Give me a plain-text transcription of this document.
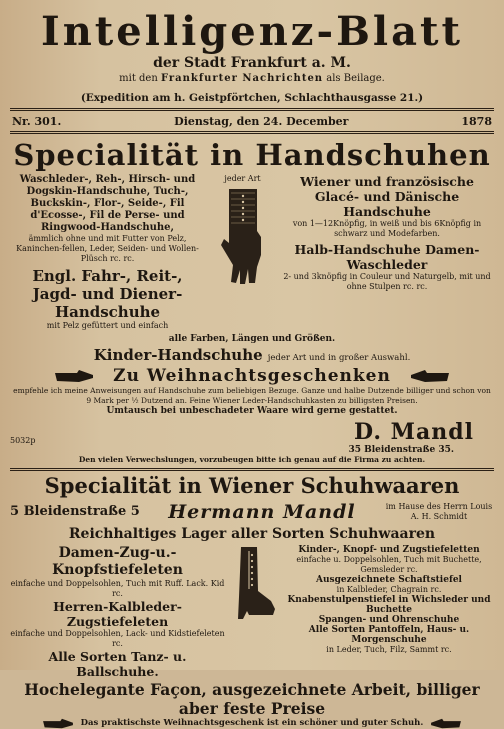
Intelligenz-Blatt
der Stadt Frankfurt a. M.
mit den Frankfurter Nachrichten als Beilage.
(Expedition am h. Geistpförtchen, Schlachthausgasse 21.)
Nr. 301.	Dienstag, den 24. December	1878
Specialität in Handschuhen
Waschleder-, Reh-, Hirsch- und Dogskin-Handschuhe, Tuch-, Buckskin-, Flor-, Seide-, Fil d'Ecosse-, Fil de Perse- und Ringwood-Handschuhe,
ämmlich ohne und mit Futter von Pelz, Kaninchen-fellen, Leder, Seiden- und Wollen-Plüsch rc. rc.
Engl. Fahr-, Reit-, Jagd- und Diener-Handschuhe
mit Pelz gefüttert und einfach
jeder Art	Wiener und französische Glacé- und Dänische Handschuhe
von 1—12Knöpfig, in weiß und bis 6Knöpfig in schwarz und Modefarben.
Halb-Handschuhe Damen-Waschleder
2- und 3knöpfig in Couleur und Naturgelb, mit und ohne Stulpen rc. rc.
alle Farben, Längen und Größen.
Kinder-Handschuhe jeder Art und in großer Auswahl.
Zu Weihnachtsgeschenken
empfehle ich meine Anweisungen auf Handschuhe zum beliebigen Bezuge. Ganze und halbe Dutzende billiger und schon von 9 Mark per ½ Dutzend an. Feine Wiener Leder-Handschuhkasten zu billigsten Preisen.
Umtausch bei unbeschadeter Waare wird gerne gestattet.
5032p	D. Mandl
35 Bleidenstraße 35.
Den vielen Verwechslungen, vorzubeugen bitte ich genau auf die Firma zu achten.
Specialität in Wiener Schuhwaaren
5 Bleidenstraße 5 Hermann Mandl	im Hause des Herrn Louis A. H. Schmidt
Reichhaltiges Lager aller Sorten Schuhwaaren
Damen-Zug-u.-Knopfstiefeleten
einfache und Doppelsohlen, Tuch mit Ruff. Lack. Kid rc.
Herren-Kalbleder-Zugstiefeleten
einfache und Doppelsohlen, Lack- und Kidstiefeleten rc.
Alle Sorten Tanz- u. Ballschuhe.
Kinder-, Knopf- und Zugstiefeletten
einfache u. Doppelsohlen, Tuch mit Buchette, Gemsleder rc.
Ausgezeichnete Schaftstiefel
in Kalbleder, Chagrain rc.
Knabenstulpenstiefel in Wichsleder und Buchette
Spangen- und Ohrenschuhe
Alle Sorten Pantoffeln, Haus- u. Morgenschuhe
in Leder, Tuch, Filz, Sammt rc.
Hochelegante Façon, ausgezeichnete Arbeit, billiger aber feste Preise
Das praktischste Weihnachtsgeschenk ist ein schöner und guter Schuh.
